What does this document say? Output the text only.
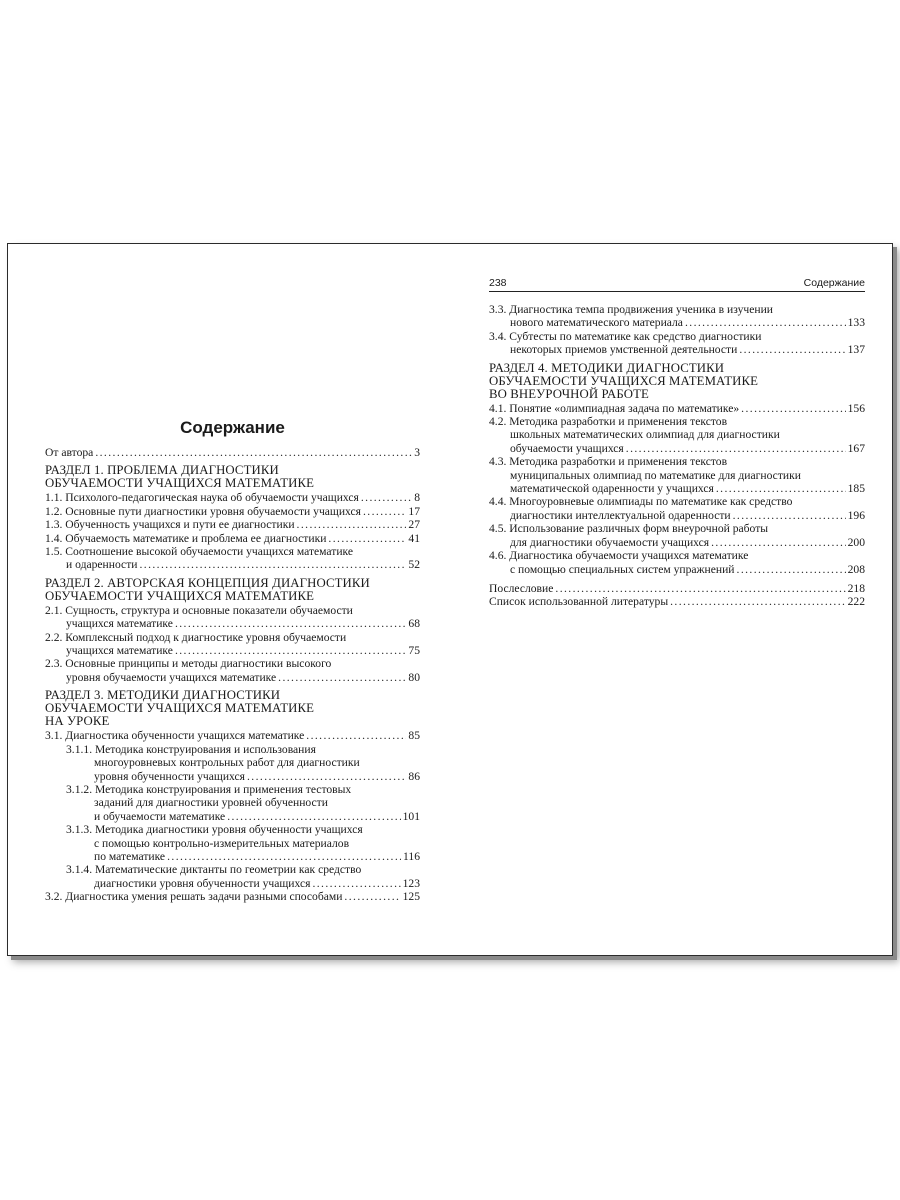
Содержание
От автора . . .	3
РАЗДЕЛ 1. ПРОБЛЕМА ДИАГНОСТИКИ
ОБУЧАЕМОСТИ УЧАЩИХСЯ МАТЕМАТИКЕ
1.1. Психолого-педагогическая наука об обучаемости учащихся . . .	8
1.2. Основные пути диагностики уровня обучаемости учащихся . . .	17
1.3. Обученность учащихся и пути ее диагностики . . .	27
1.4. Обучаемость математике и проблема ее диагностики . . .	41
1.5. Соотношение высокой обучаемости учащихся математике
и одаренности . . .	52
РАЗДЕЛ 2. АВТОРСКАЯ КОНЦЕПЦИЯ ДИАГНОСТИКИ
ОБУЧАЕМОСТИ УЧАЩИХСЯ МАТЕМАТИКЕ
2.1. Сущность, структура и основные показатели обучаемости
учащихся математике . . .	68
2.2. Комплексный подход к диагностике уровня обучаемости
учащихся математике . . .	75
2.3. Основные принципы и методы диагностики высокого
уровня обучаемости учащихся математике . . .	80
РАЗДЕЛ 3. МЕТОДИКИ ДИАГНОСТИКИ
ОБУЧАЕМОСТИ УЧАЩИХСЯ МАТЕМАТИКЕ
НА УРОКЕ
3.1. Диагностика обученности учащихся математике . . .	85
3.1.1. Методика конструирования и использования
многоуровневых контрольных работ для диагностики
уровня обученности учащихся . . .	86
3.1.2. Методика конструирования и применения тестовых
заданий для диагностики уровней обученности
и обучаемости математике . . .	101
3.1.3. Методика диагностики уровня обученности учащихся
с помощью контрольно-измерительных материалов
по математике . . .	116
3.1.4. Математические диктанты по геометрии как средство
диагностики уровня обученности учащихся . . .	123
3.2. Диагностика умения решать задачи разными способами . . .	125
238	Содержание
3.3. Диагностика темпа продвижения ученика в изучении
нового математического материала . . .	133
3.4. Субтесты по математике как средство диагностики
некоторых приемов умственной деятельности . . .	137
РАЗДЕЛ 4. МЕТОДИКИ ДИАГНОСТИКИ
ОБУЧАЕМОСТИ УЧАЩИХСЯ МАТЕМАТИКЕ
ВО ВНЕУРОЧНОЙ РАБОТЕ
4.1. Понятие «олимпиадная задача по математике» . . .	156
4.2. Методика разработки и применения текстов
школьных математических олимпиад для диагностики
обучаемости учащихся . . .	167
4.3. Методика разработки и применения текстов
муниципальных олимпиад по математике для диагностики
математической одаренности у учащихся . . .	185
4.4. Многоуровневые олимпиады по математике как средство
диагностики интеллектуальной одаренности . . .	196
4.5. Использование различных форм внеурочной работы
для диагностики обучаемости учащихся . . .	200
4.6. Диагностика обучаемости учащихся математике
с помощью специальных систем упражнений . . .	208
Послесловие . . .	218
Список использованной литературы . . .	222
